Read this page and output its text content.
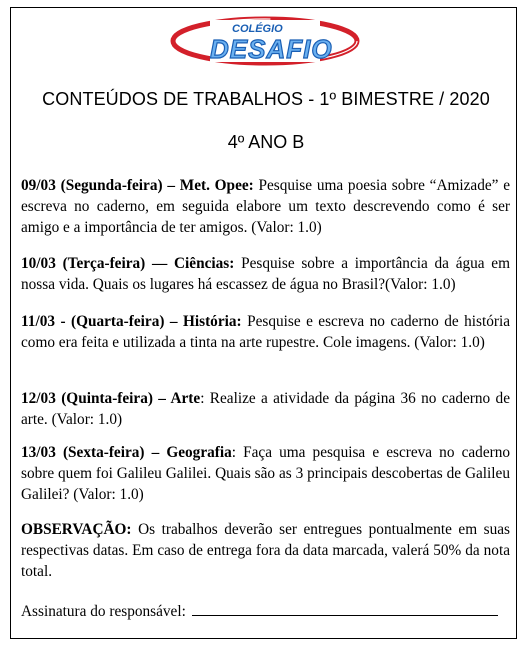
COLÉGIO
DESAFIO
CONTEÚDOS DE TRABALHOS - 1º BIMESTRE / 2020
4º ANO B
09/03 (Segunda-feira) – Met. Opee: Pesquise uma poesia sobre “Amizade” e escreva no caderno, em seguida elabore um texto descrevendo como é ser amigo e a importância de ter amigos. (Valor: 1.0)
10/03 (Terça-feira) — Ciências: Pesquise sobre a importância da água em nossa vida. Quais os lugares há escassez de água no Brasil?(Valor: 1.0)
11/03 - (Quarta-feira) – História: Pesquise e escreva no caderno de história como era feita e utilizada a tinta na arte rupestre. Cole imagens. (Valor: 1.0)
12/03 (Quinta-feira) – Arte: Realize a atividade da página 36 no caderno de arte. (Valor: 1.0)
13/03 (Sexta-feira) – Geografia: Faça uma pesquisa e escreva no caderno sobre quem foi Galileu Galilei. Quais são as 3 principais descobertas de Galileu Galilei? (Valor: 1.0)
OBSERVAÇÃO: Os trabalhos deverão ser entregues pontualmente em suas respectivas datas. Em caso de entrega fora da data marcada, valerá 50% da nota total.
Assinatura do responsável:
